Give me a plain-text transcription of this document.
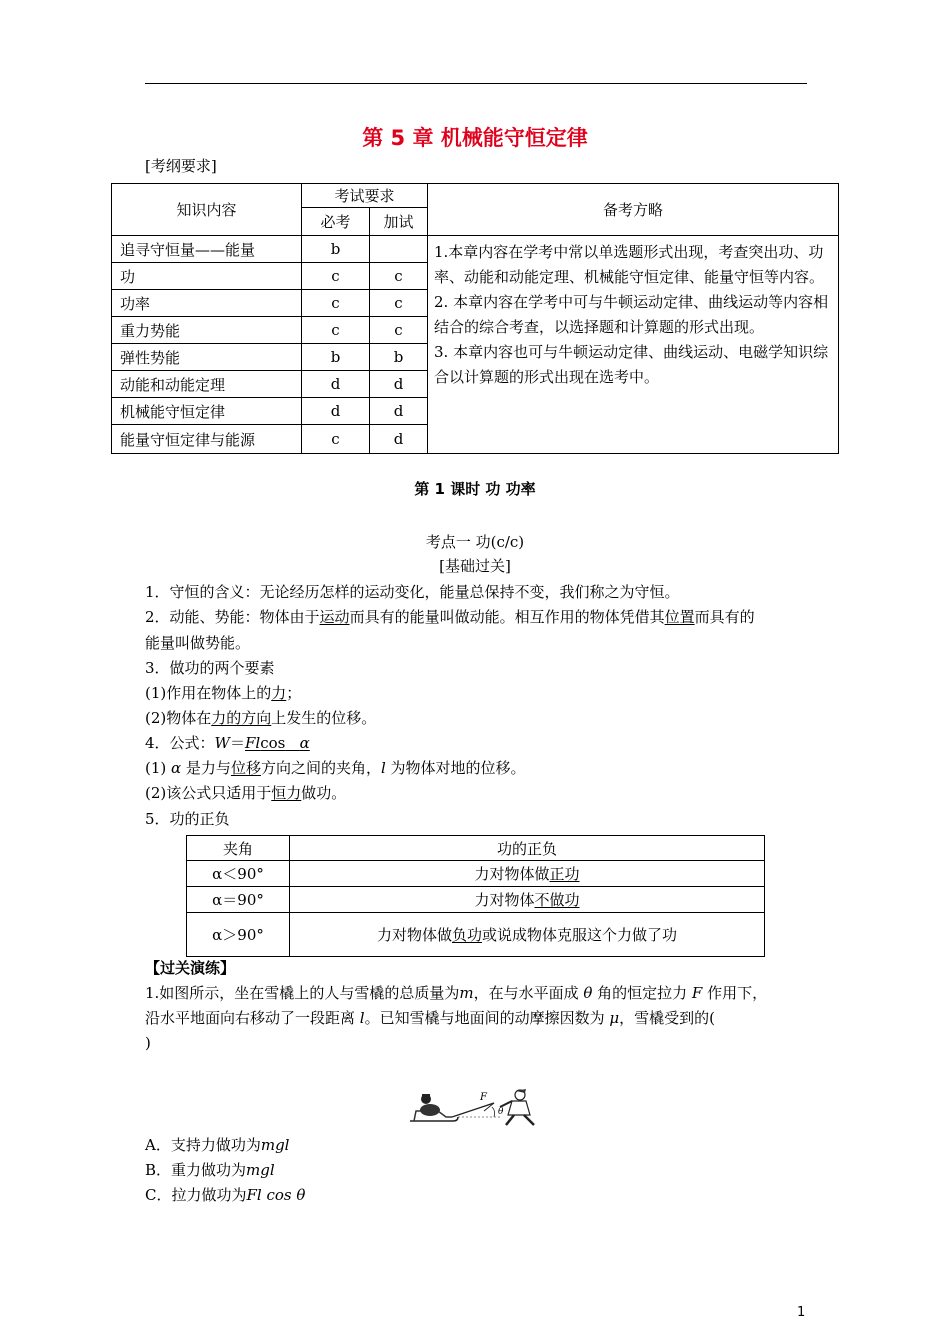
第 5 章 机械能守恒定律
[考纲要求]
知识内容	考试要求		备考方略
	必考	加试	
追寻守恒量——能量	b		1.本章内容在学考中常以单选题形式出现，考查突出功、功率、动能和动能定理、机械能守恒定律、能量守恒等内容。
2. 本章内容在学考中可与牛顿运动定律、曲线运动等内容相结合的综合考查，以选择题和计算题的形式出现。
3. 本章内容也可与牛顿运动定律、曲线运动、电磁学知识综合以计算题的形式出现在选考中。

功	c	c	
功率	c	c	
重力势能	c	c	
弹性势能	b	b	
动能和动能定理	d	d	
机械能守恒定律	d	d	
能量守恒定律与能源	c	d	
第 1 课时 功 功率
考点一 功(c/c)
[基础过关]
1．守恒的含义：无论经历怎样的运动变化，能量总保持不变，我们称之为守恒。
2．动能、势能：物体由于运动而具有的能量叫做动能。相互作用的物体凭借其位置而具有的
能量叫做势能。
3．做功的两个要素
(1)作用在物体上的力；
(2)物体在力的方向上发生的位移。
4．公式：W＝Flcos α
(1) α 是力与位移方向之间的夹角，l 为物体对地的位移。
(2)该公式只适用于恒力做功。
5．功的正负
夹角	功的正负
α＜90°	力对物体做正功
α＝90°	力对物体不做功
α＞90°	力对物体做负功或说成物体克服这个力做了功
【过关演练】
1.如图所示，坐在雪橇上的人与雪橇的总质量为m，在与水平面成 θ 角的恒定拉力 F 作用下，
沿水平地面向右移动了一段距离 l。已知雪橇与地面间的动摩擦因数为 μ，雪橇受到的(
)
F
θ
A．支持力做功为mgl
B．重力做功为mgl
C．拉力做功为Fl cos θ
1
